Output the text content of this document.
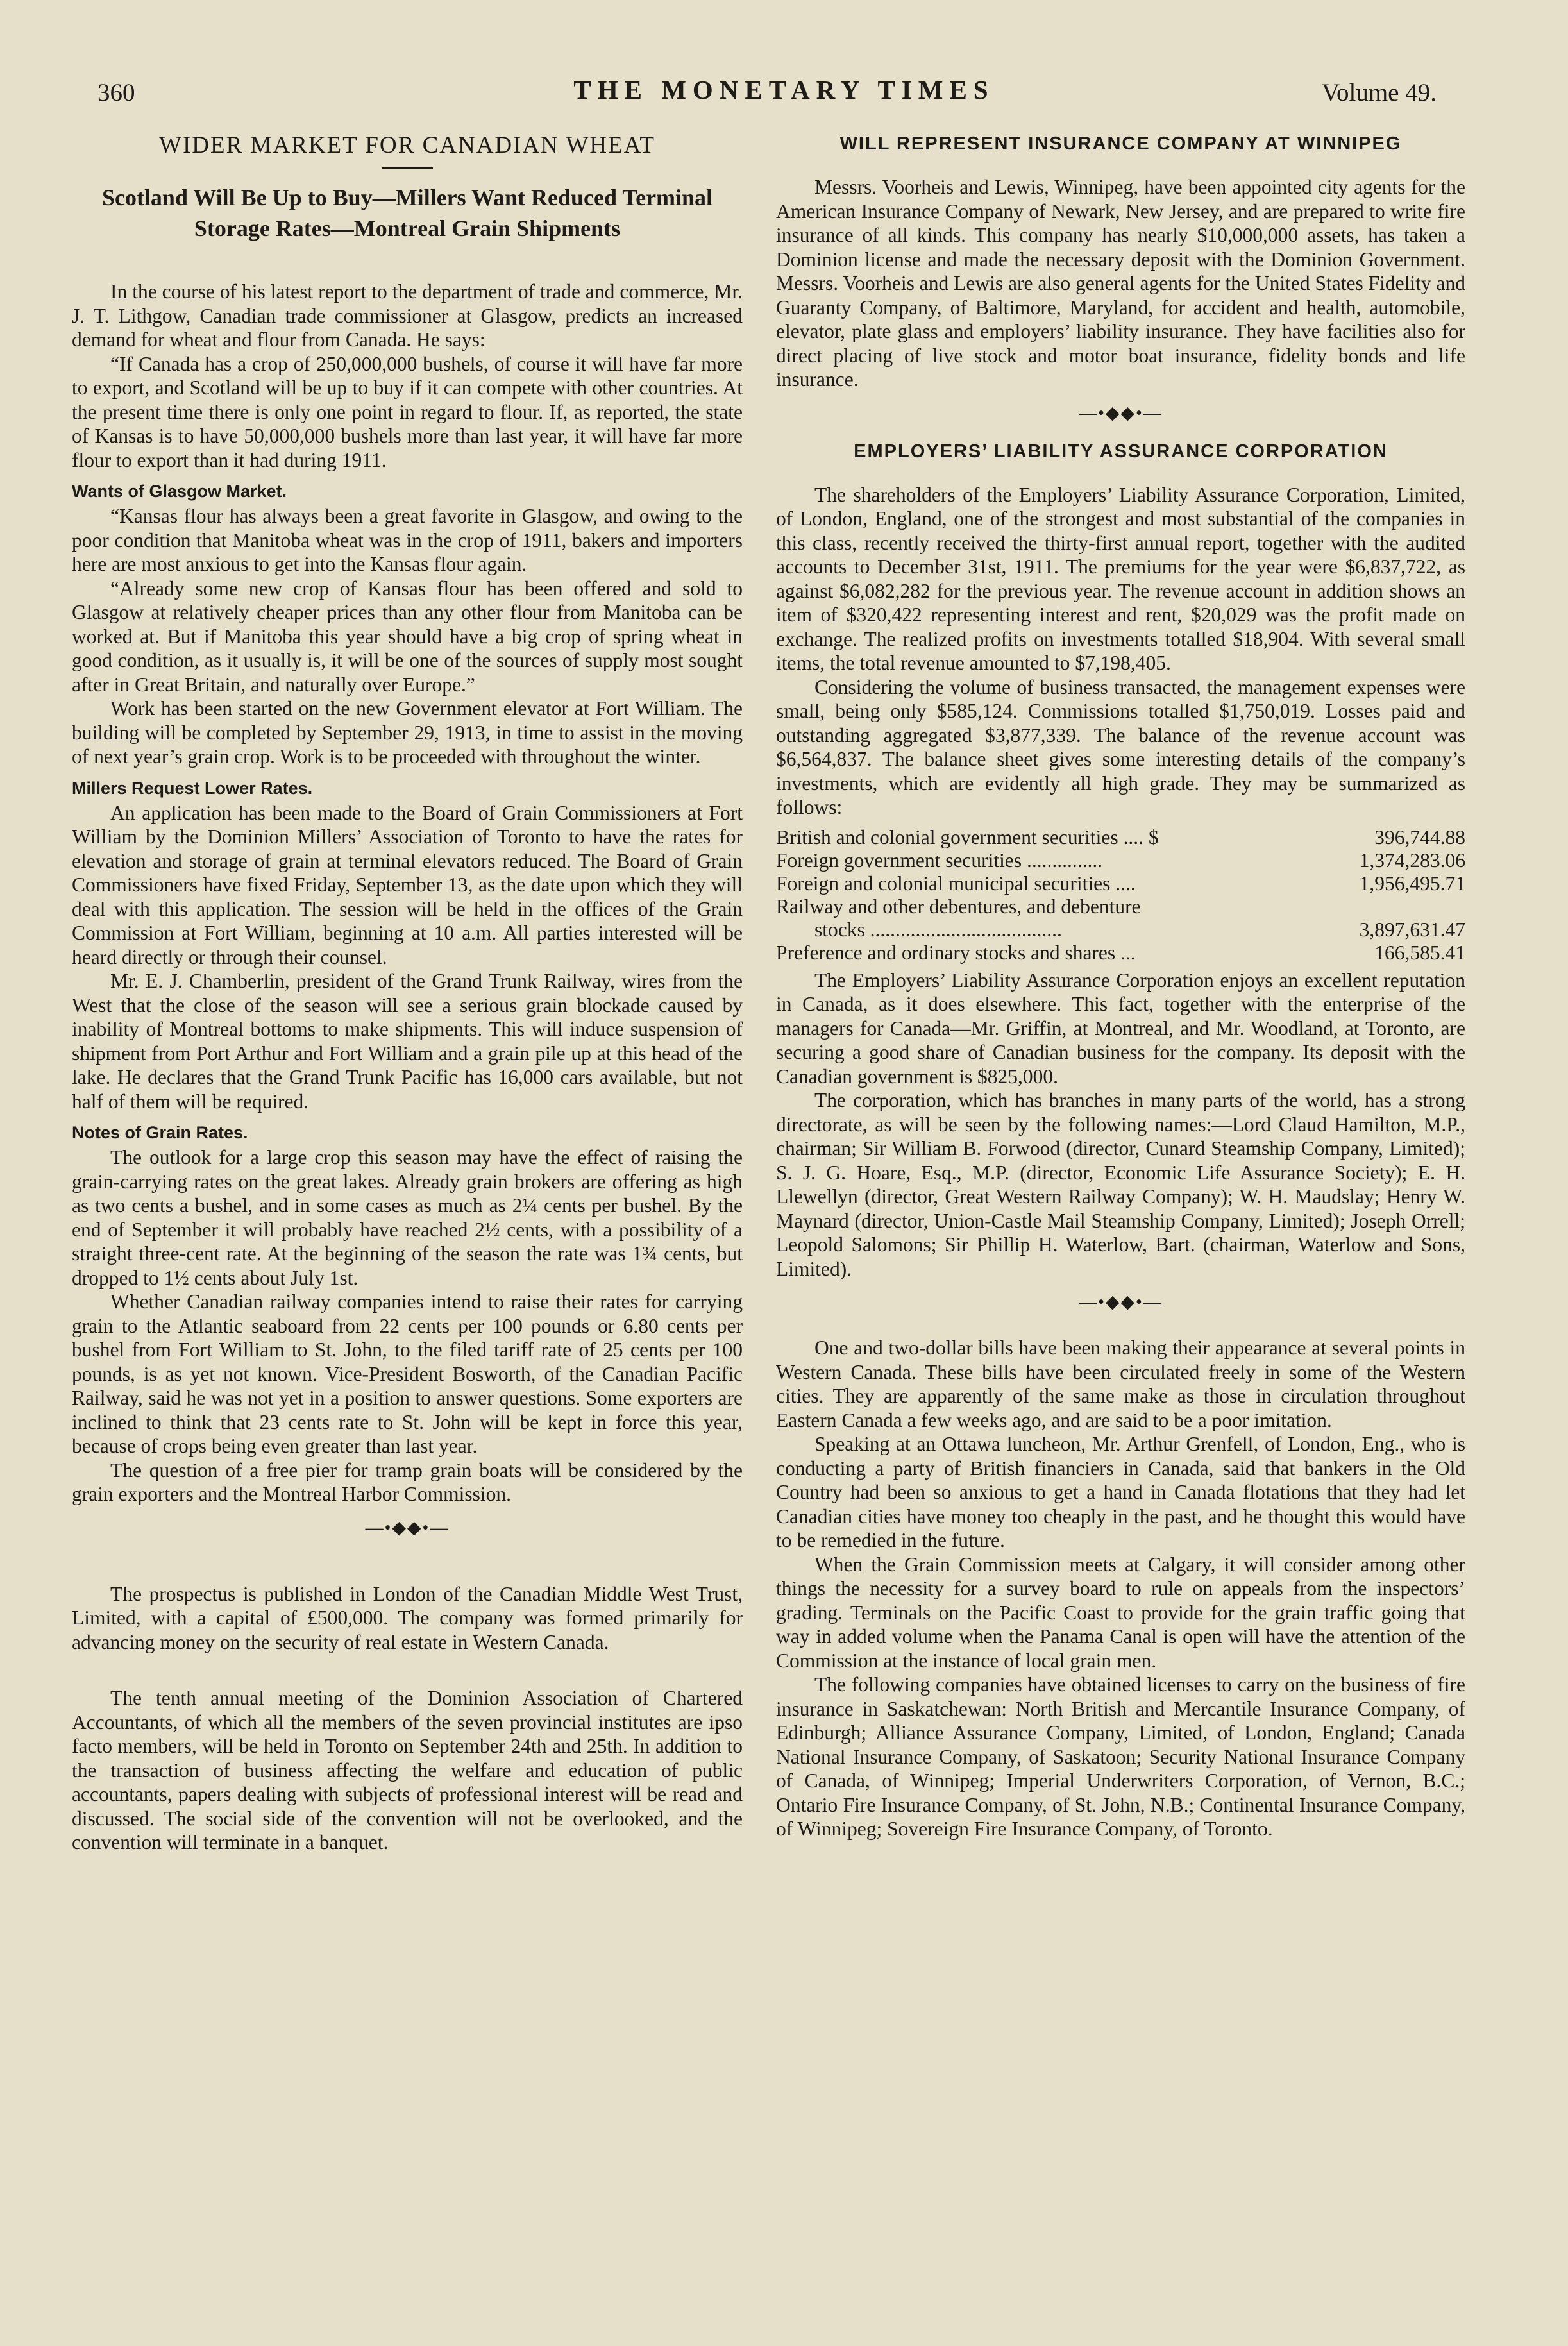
360	THE MONETARY TIMES	Volume 49.
WIDER MARKET FOR CANADIAN WHEAT
Scotland Will Be Up to Buy—Millers Want Reduced Terminal Storage Rates—Montreal Grain Shipments

In the course of his latest report to the department of trade and commerce, Mr. J. T. Lithgow, Canadian trade commissioner at Glasgow, predicts an increased demand for wheat and flour from Canada. He says:

“If Canada has a crop of 250,000,000 bushels, of course it will have far more to export, and Scotland will be up to buy if it can compete with other countries. At the present time there is only one point in regard to flour. If, as reported, the state of Kansas is to have 50,000,000 bushels more than last year, it will have far more flour to export than it had during 1911.

Wants of Glasgow Market.

“Kansas flour has always been a great favorite in Glasgow, and owing to the poor condition that Manitoba wheat was in the crop of 1911, bakers and importers here are most anxious to get into the Kansas flour again.

“Already some new crop of Kansas flour has been offered and sold to Glasgow at relatively cheaper prices than any other flour from Manitoba can be worked at. But if Manitoba this year should have a big crop of spring wheat in good condition, as it usually is, it will be one of the sources of supply most sought after in Great Britain, and naturally over Europe.”

Work has been started on the new Government elevator at Fort William. The building will be completed by September 29, 1913, in time to assist in the moving of next year’s grain crop. Work is to be proceeded with throughout the winter.

Millers Request Lower Rates.

An application has been made to the Board of Grain Commissioners at Fort William by the Dominion Millers’ Association of Toronto to have the rates for elevation and storage of grain at terminal elevators reduced. The Board of Grain Commissioners have fixed Friday, September 13, as the date upon which they will deal with this application. The session will be held in the offices of the Grain Commission at Fort William, beginning at 10 a.m. All parties interested will be heard directly or through their counsel.

Mr. E. J. Chamberlin, president of the Grand Trunk Railway, wires from the West that the close of the season will see a serious grain blockade caused by inability of Montreal bottoms to make shipments. This will induce suspension of shipment from Port Arthur and Fort William and a grain pile up at this head of the lake. He declares that the Grand Trunk Pacific has 16,000 cars available, but not half of them will be required.

Notes of Grain Rates.

The outlook for a large crop this season may have the effect of raising the grain-carrying rates on the great lakes. Already grain brokers are offering as high as two cents a bushel, and in some cases as much as 2¼ cents per bushel. By the end of September it will probably have reached 2½ cents, with a possibility of a straight three-cent rate. At the beginning of the season the rate was 1¾ cents, but dropped to 1½ cents about July 1st.

Whether Canadian railway companies intend to raise their rates for carrying grain to the Atlantic seaboard from 22 cents per 100 pounds or 6.80 cents per bushel from Fort William to St. John, to the filed tariff rate of 25 cents per 100 pounds, is as yet not known. Vice-President Bosworth, of the Canadian Pacific Railway, said he was not yet in a position to answer questions. Some exporters are inclined to think that 23 cents rate to St. John will be kept in force this year, because of crops being even greater than last year.

The question of a free pier for tramp grain boats will be considered by the grain exporters and the Montreal Harbor Commission.

—•◆◆•—

The prospectus is published in London of the Canadian Middle West Trust, Limited, with a capital of £500,000. The company was formed primarily for advancing money on the security of real estate in Western Canada.

The tenth annual meeting of the Dominion Association of Chartered Accountants, of which all the members of the seven provincial institutes are ipso facto members, will be held in Toronto on September 24th and 25th. In addition to the transaction of business affecting the welfare and education of public accountants, papers dealing with subjects of professional interest will be read and discussed. The social side of the convention will not be overlooked, and the convention will terminate in a banquet.

WILL REPRESENT INSURANCE COMPANY AT WINNIPEG

Messrs. Voorheis and Lewis, Winnipeg, have been appointed city agents for the American Insurance Company of Newark, New Jersey, and are prepared to write fire insurance of all kinds. This company has nearly $10,000,000 assets, has taken a Dominion license and made the necessary deposit with the Dominion Government. Messrs. Voorheis and Lewis are also general agents for the United States Fidelity and Guaranty Company, of Baltimore, Maryland, for accident and health, automobile, elevator, plate glass and employers’ liability insurance. They have facilities also for direct placing of live stock and motor boat insurance, fidelity bonds and life insurance.

—•◆◆•—
EMPLOYERS’ LIABILITY ASSURANCE CORPORATION

The shareholders of the Employers’ Liability Assurance Corporation, Limited, of London, England, one of the strongest and most substantial of the companies in this class, recently received the thirty-first annual report, together with the audited accounts to December 31st, 1911. The premiums for the year were $6,837,722, as against $6,082,282 for the previous year. The revenue account in addition shows an item of $320,422 representing interest and rent, $20,029 was the profit made on exchange. The realized profits on investments totalled $18,904. With several small items, the total revenue amounted to $7,198,405.

Considering the volume of business transacted, the management expenses were small, being only $585,124. Commissions totalled $1,750,019. Losses paid and outstanding aggregated $3,877,339. The balance of the revenue account was $6,564,837. The balance sheet gives some interesting details of the company’s investments, which are evidently all high grade. They may be summarized as follows:

British and colonial government securities .... $	396,744.88
Foreign government securities ...............	1,374,283.06
Foreign and colonial municipal securities ....	1,956,495.71
Railway and other debentures, and debenture	
stocks ......................................	3,897,631.47
Preference and ordinary stocks and shares ...	166,585.41

The Employers’ Liability Assurance Corporation enjoys an excellent reputation in Canada, as it does elsewhere. This fact, together with the enterprise of the managers for Canada—Mr. Griffin, at Montreal, and Mr. Woodland, at Toronto, are securing a good share of Canadian business for the company. Its deposit with the Canadian government is $825,000.

The corporation, which has branches in many parts of the world, has a strong directorate, as will be seen by the following names:—Lord Claud Hamilton, M.P., chairman; Sir William B. Forwood (director, Cunard Steamship Company, Limited); S. J. G. Hoare, Esq., M.P. (director, Economic Life Assurance Society); E. H. Llewellyn (director, Great Western Railway Company); W. H. Maudslay; Henry W. Maynard (director, Union-Castle Mail Steamship Company, Limited); Joseph Orrell; Leopold Salomons; Sir Phillip H. Waterlow, Bart. (chairman, Waterlow and Sons, Limited).

—•◆◆•—

One and two-dollar bills have been making their appearance at several points in Western Canada. These bills have been circulated freely in some of the Western cities. They are apparently of the same make as those in circulation throughout Eastern Canada a few weeks ago, and are said to be a poor imitation.

Speaking at an Ottawa luncheon, Mr. Arthur Grenfell, of London, Eng., who is conducting a party of British financiers in Canada, said that bankers in the Old Country had been so anxious to get a hand in Canada flotations that they had let Canadian cities have money too cheaply in the past, and he thought this would have to be remedied in the future.

When the Grain Commission meets at Calgary, it will consider among other things the necessity for a survey board to rule on appeals from the inspectors’ grading. Terminals on the Pacific Coast to provide for the grain traffic going that way in added volume when the Panama Canal is open will have the attention of the Commission at the instance of local grain men.

The following companies have obtained licenses to carry on the business of fire insurance in Saskatchewan: North British and Mercantile Insurance Company, of Edinburgh; Alliance Assurance Company, Limited, of London, England; Canada National Insurance Company, of Saskatoon; Security National Insurance Company of Canada, of Winnipeg; Imperial Underwriters Corporation, of Vernon, B.C.; Ontario Fire Insurance Company, of St. John, N.B.; Continental Insurance Company, of Winnipeg; Sovereign Fire Insurance Company, of Toronto.
